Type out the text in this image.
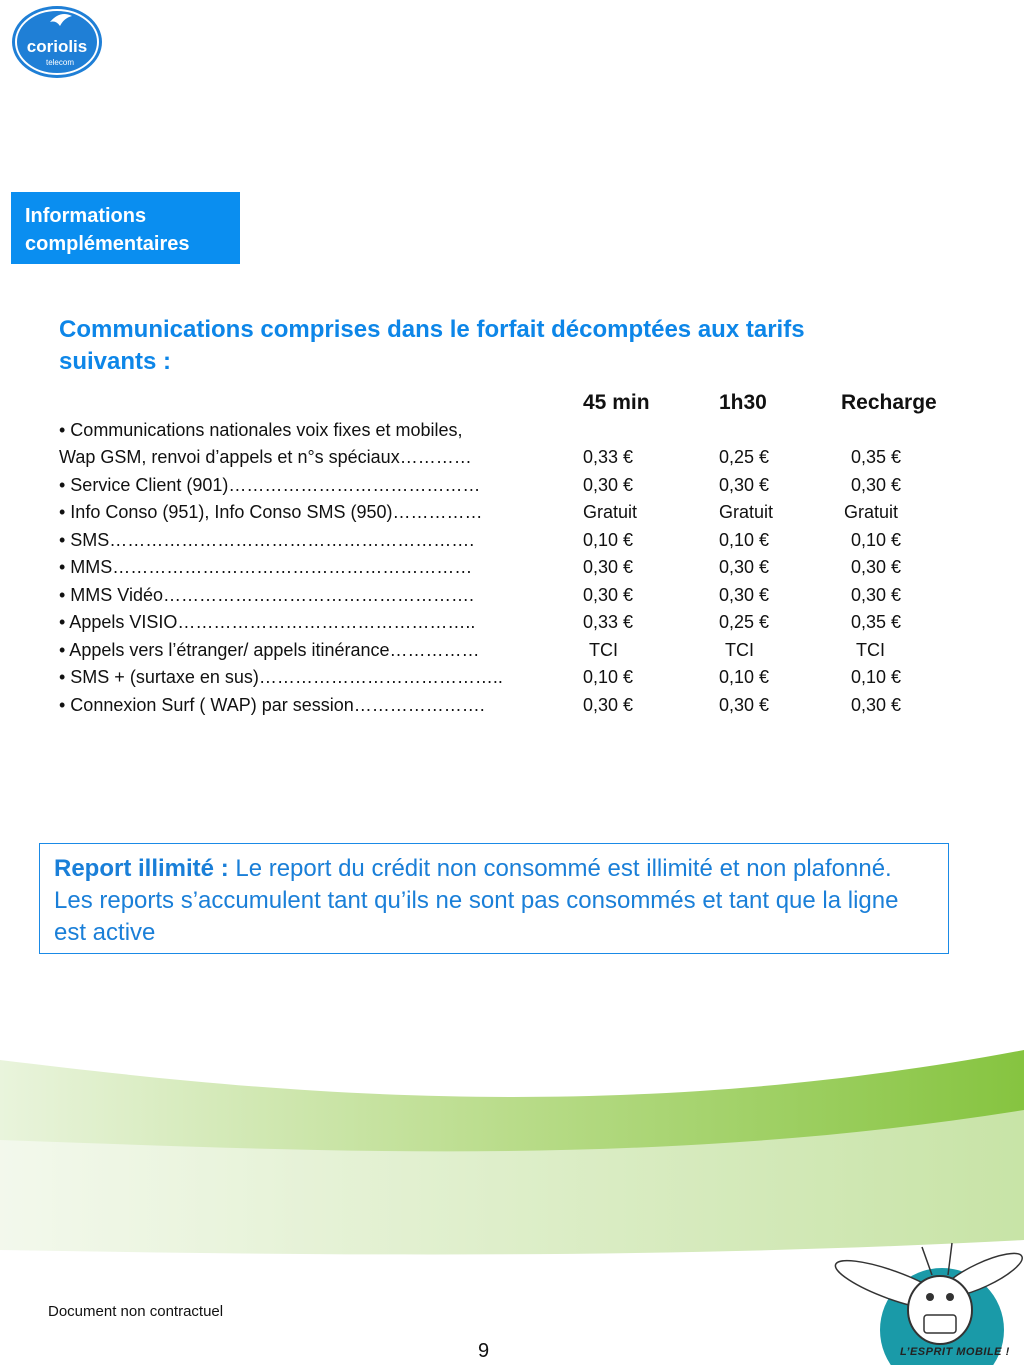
coriolis
telecom
Informations
complémentaires
Communications comprises dans le forfait décomptées aux tarifs
suivants :
45 min	1h30	Recharge
• Communications nationales voix fixes et mobiles,
Wap GSM, renvoi d’appels et n°s spéciaux…………	0,33 €	0,25 €	0,35 €
• Service Client (901)……………………………………	0,30 €	0,30 €	0,30 €
• Info Conso (951), Info Conso SMS (950)……………	Gratuit	Gratuit	Gratuit
• SMS…………………………………………………….	0,10 €	0,10 €	0,10 €
• MMS……………………………………………………	0,30 €	0,30 €	0,30 €
• MMS Vidéo…………………………………………….	0,30 €	0,30 €	0,30 €
• Appels VISIO…………………………………………..	0,33 €	0,25 €	0,35 €
• Appels vers l’étranger/ appels itinérance……………	TCI	TCI	TCI
• SMS + (surtaxe en sus)…………………………………..	0,10 €	0,10 €	0,10 €
• Connexion Surf ( WAP) par session………………….	0,30 €	0,30 €	0,30 €
Report illimité : Le report du crédit non consommé est illimité et non plafonné. Les reports s’accumulent tant qu’ils ne sont pas consommés et tant que la ligne est active
Document non contractuel
9	L’ESPRIT MOBILE !
